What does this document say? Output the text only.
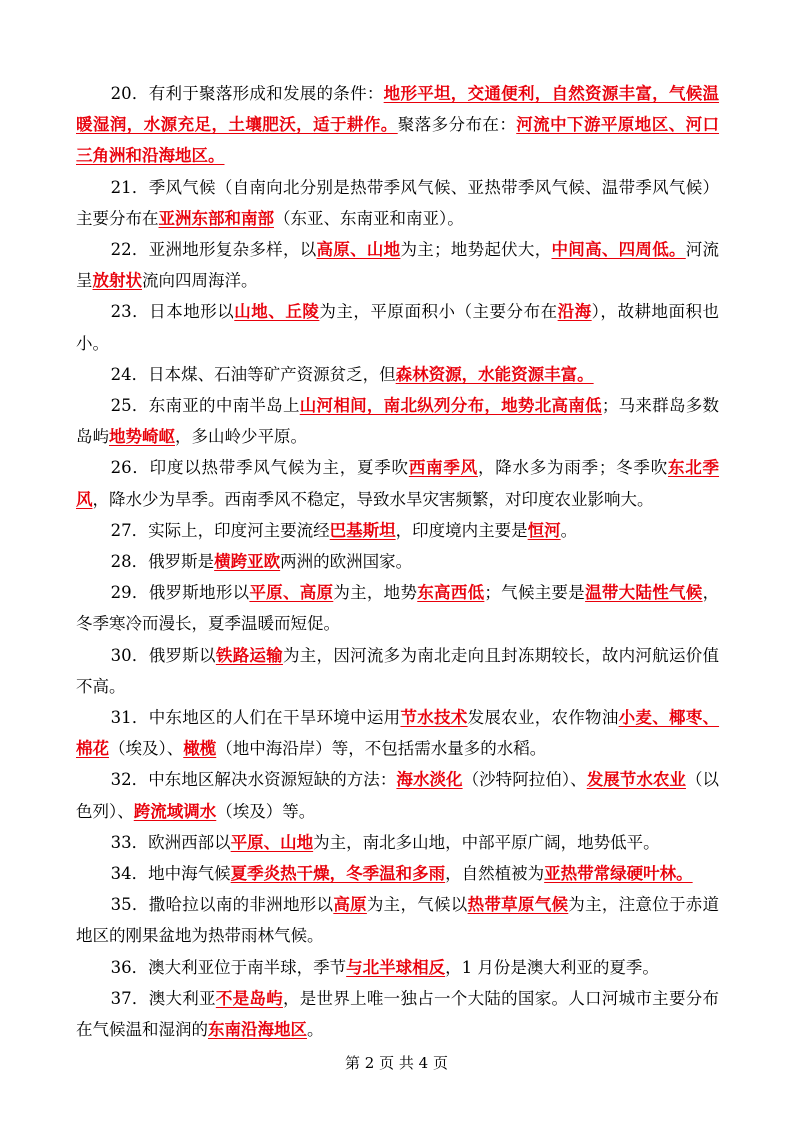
20．有利于聚落形成和发展的条件：地形平坦，交通便利，自然资源丰富，气候温暖湿润，水源充足，土壤肥沃，适于耕作。聚落多分布在：河流中下游平原地区、河口三角洲和沿海地区。

21．季风气候（自南向北分别是热带季风气候、亚热带季风气候、温带季风气候）主要分布在亚洲东部和南部（东亚、东南亚和南亚）。

22．亚洲地形复杂多样，以高原、山地为主；地势起伏大，中间高、四周低。河流呈放射状流向四周海洋。

23．日本地形以山地、丘陵为主，平原面积小（主要分布在沿海），故耕地面积也小。

24．日本煤、石油等矿产资源贫乏，但森林资源，水能资源丰富。

25．东南亚的中南半岛上山河相间，南北纵列分布，地势北高南低；马来群岛多数岛屿地势崎岖，多山岭少平原。

26．印度以热带季风气候为主，夏季吹西南季风，降水多为雨季；冬季吹东北季风，降水少为旱季。西南季风不稳定，导致水旱灾害频繁，对印度农业影响大。

27．实际上，印度河主要流经巴基斯坦，印度境内主要是恒河。

28．俄罗斯是横跨亚欧两洲的欧洲国家。

29．俄罗斯地形以平原、高原为主，地势东高西低；气候主要是温带大陆性气候，冬季寒冷而漫长，夏季温暖而短促。

30．俄罗斯以铁路运输为主，因河流多为南北走向且封冻期较长，故内河航运价值不高。

31．中东地区的人们在干旱环境中运用节水技术发展农业，农作物油小麦、椰枣、棉花（埃及）、橄榄（地中海沿岸）等，不包括需水量多的水稻。

32．中东地区解决水资源短缺的方法：海水淡化（沙特阿拉伯）、发展节水农业（以色列）、跨流域调水（埃及）等。

33．欧洲西部以平原、山地为主，南北多山地，中部平原广阔，地势低平。

34．地中海气候夏季炎热干燥，冬季温和多雨，自然植被为亚热带常绿硬叶林。

35．撒哈拉以南的非洲地形以高原为主，气候以热带草原气候为主，注意位于赤道地区的刚果盆地为热带雨林气候。

36．澳大利亚位于南半球，季节与北半球相反，1 月份是澳大利亚的夏季。

37．澳大利亚不是岛屿，是世界上唯一独占一个大陆的国家。人口河城市主要分布在气候温和湿润的东南沿海地区。

第 2 页 共 4 页
